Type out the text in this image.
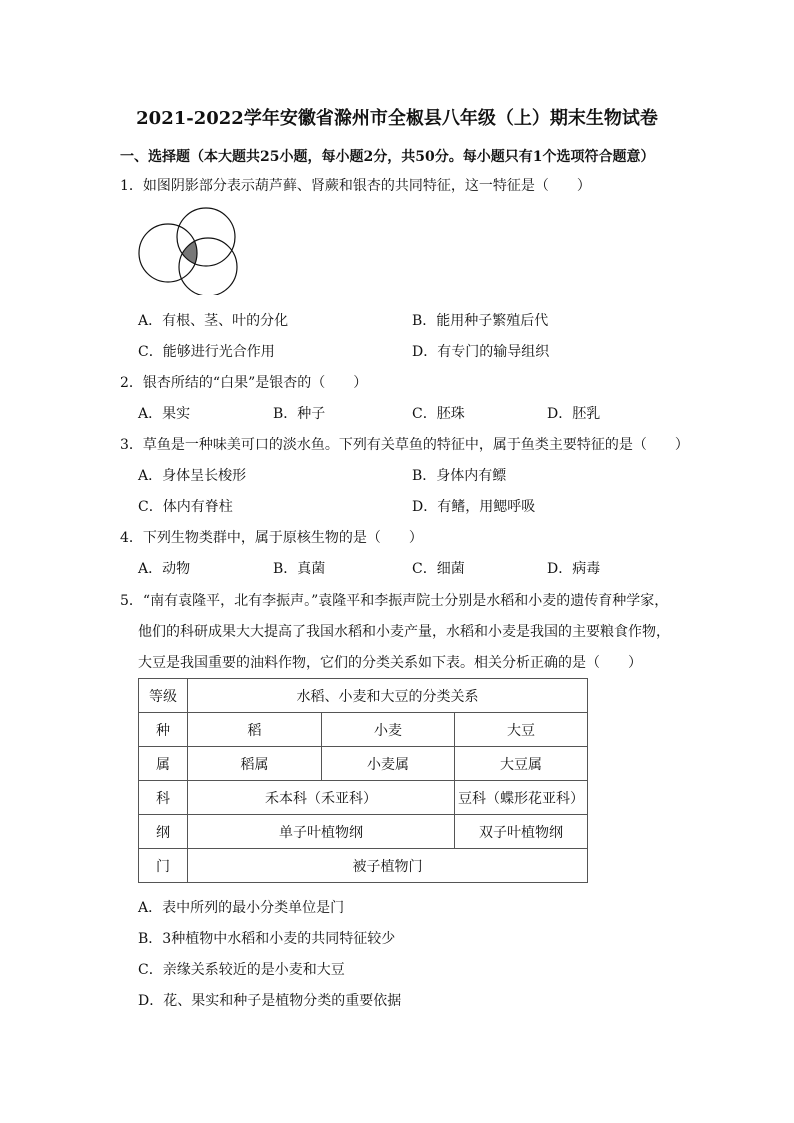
2021-2022学年安徽省滁州市全椒县八年级（上）期末生物试卷
一、选择题（本大题共25小题，每小题2分，共50分。每小题只有1个选项符合题意）
1．如图阴影部分表示葫芦藓、肾蕨和银杏的共同特征，这一特征是（　　）
A．有根、茎、叶的分化	B．能用种子繁殖后代
C．能够进行光合作用	D．有专门的输导组织
2．银杏所结的“白果”是银杏的（　　）
A．果实	B．种子	C．胚珠	D．胚乳
3．草鱼是一种味美可口的淡水鱼。下列有关草鱼的特征中，属于鱼类主要特征的是（　　）
A．身体呈长梭形	B．身体内有鳔
C．体内有脊柱	D．有鳍，用鳃呼吸
4．下列生物类群中，属于原核生物的是（　　）
A．动物	B．真菌	C．细菌	D．病毒
5．“南有袁隆平，北有李振声。”袁隆平和李振声院士分别是水稻和小麦的遗传育种学家，
他们的科研成果大大提高了我国水稻和小麦产量，水稻和小麦是我国的主要粮食作物，
大豆是我国重要的油料作物，它们的分类关系如下表。相关分析正确的是（　　）
等级	水稻、小麦和大豆的分类关系		
种	稻	小麦	大豆
属	稻属	小麦属	大豆属
科	禾本科（禾亚科）		豆科（蝶形花亚科）
纲	单子叶植物纲		双子叶植物纲
门	被子植物门		
A．表中所列的最小分类单位是门
B．3种植物中水稻和小麦的共同特征较少
C．亲缘关系较近的是小麦和大豆
D．花、果实和种子是植物分类的重要依据
